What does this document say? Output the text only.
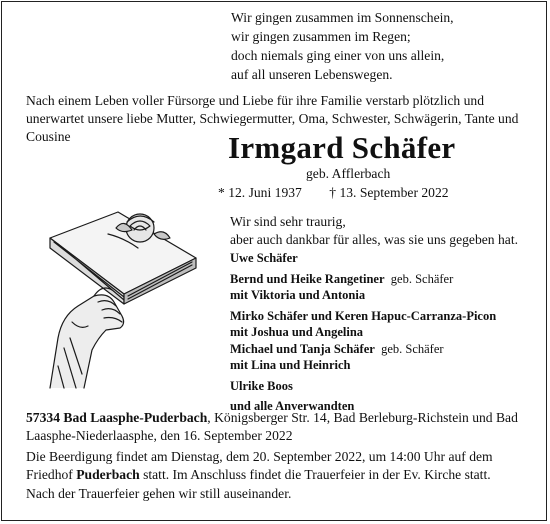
Wir gingen zusammen im Sonnenschein,
wir gingen zusammen im Regen;
doch niemals ging einer von uns allein,
auf all unseren Lebenswegen.
Nach einem Leben voller Fürsorge und Liebe für ihre Familie verstarb plötzlich und unerwartet unsere liebe Mutter, Schwiegermutter, Oma, Schwester, Schwägerin, Tante und Cousine	Irmgard Schäfer
geb. Afflerbach
* 12. Juni 1937 † 13. September 2022
Wir sind sehr traurig,
aber auch dankbar für alles, was sie uns gegeben hat.
Uwe Schäfer
Bernd und Heike Rangetiner geb. Schäfer
mit Viktoria und Antonia
Mirko Schäfer und Keren Hapuc-Carranza-Picon
mit Joshua und Angelina
Michael und Tanja Schäfer geb. Schäfer
mit Lina und Heinrich
Ulrike Boos
und alle Anverwandten
57334 Bad Laasphe-Puderbach, Königsberger Str. 14, Bad Berleburg-Richstein und Bad Laasphe-Niederlaasphe, den 16. September 2022
Die Beerdigung findet am Dienstag, dem 20. September 2022, um 14:00 Uhr auf dem Friedhof Puderbach statt. Im Anschluss findet die Trauerfeier in der Ev. Kirche statt.
Nach der Trauerfeier gehen wir still auseinander.
